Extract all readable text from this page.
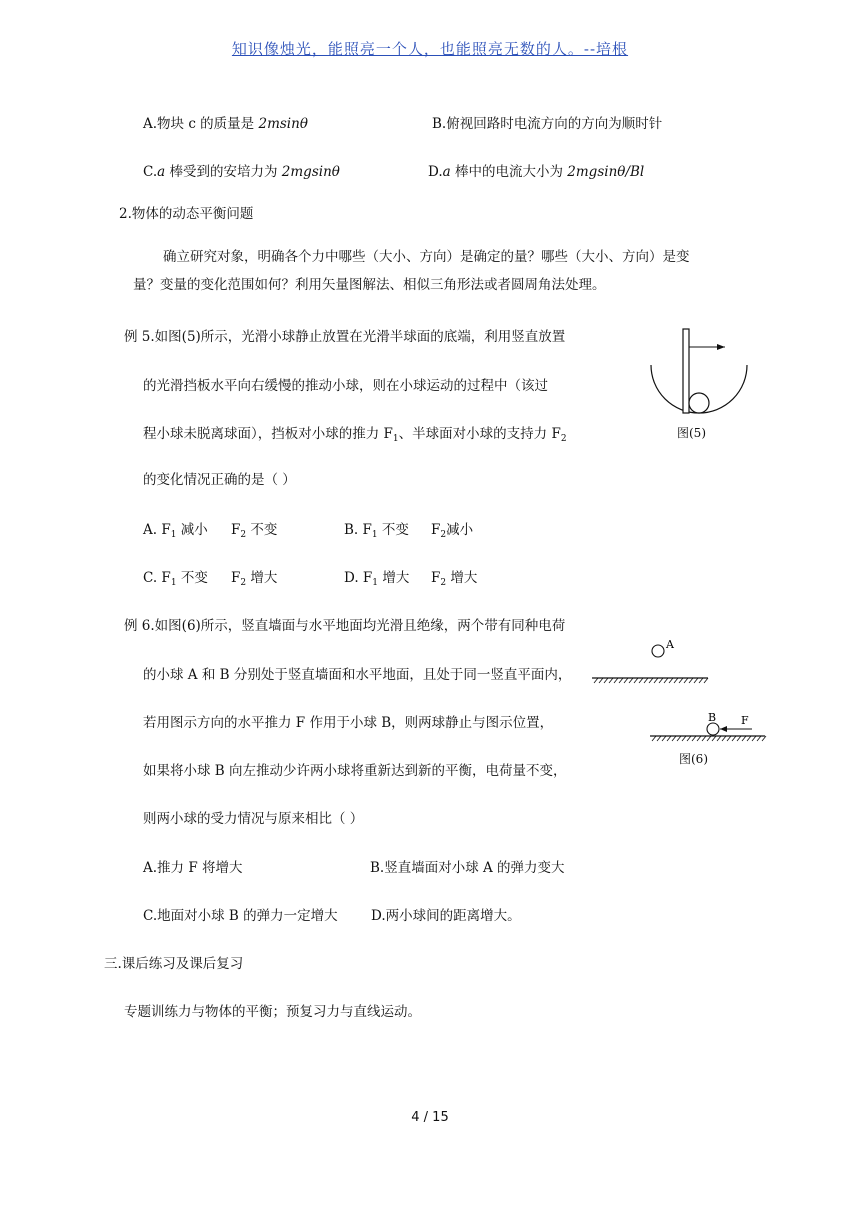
知识像烛光，能照亮一个人，也能照亮无数的人。--培根
A.物块 c 的质量是 2msinθ	B.俯视回路时电流方向的方向为顺时针
C.a 棒受到的安培力为 2mgsinθ	D.a 棒中的电流大小为 2mgsinθ/Bl
2.物体的动态平衡问题
确立研究对象，明确各个力中哪些（大小、方向）是确定的量？哪些（大小、方向）是变
量？变量的变化范围如何？利用矢量图解法、相似三角形法或者圆周角法处理。
例 5.如图(5)所示，光滑小球静止放置在光滑半球面的底端，利用竖直放置
的光滑挡板水平向右缓慢的推动小球，则在小球运动的过程中（该过
程小球未脱离球面），挡板对小球的推力 $F_1$、半球面对小球的支持力 $F_2$
的变化情况正确的是（ ）
图(5)
A. $F_1$ 减小 $F_2$ 不变	B. $F_1$ 不变 $F_2$减小
C. $F_1$ 不变 $F_2$ 增大	D. $F_1$ 增大 $F_2$ 增大
例 6.如图(6)所示，竖直墙面与水平地面均光滑且绝缘，两个带有同种电荷
的小球 A 和 B 分别处于竖直墙面和水平地面，且处于同一竖直平面内，
若用图示方向的水平推力 F 作用于小球 B，则两球静止与图示位置，
如果将小球 B 向左推动少许两小球将重新达到新的平衡，电荷量不变，
则两小球的受力情况与原来相比（ ）
A
B F
图(6)
A.推力 F 将增大	B.竖直墙面对小球 A 的弹力变大
C.地面对小球 B 的弹力一定增大 D.两小球间的距离增大。
三.课后练习及课后复习
专题训练力与物体的平衡；预复习力与直线运动。
4 / 15
